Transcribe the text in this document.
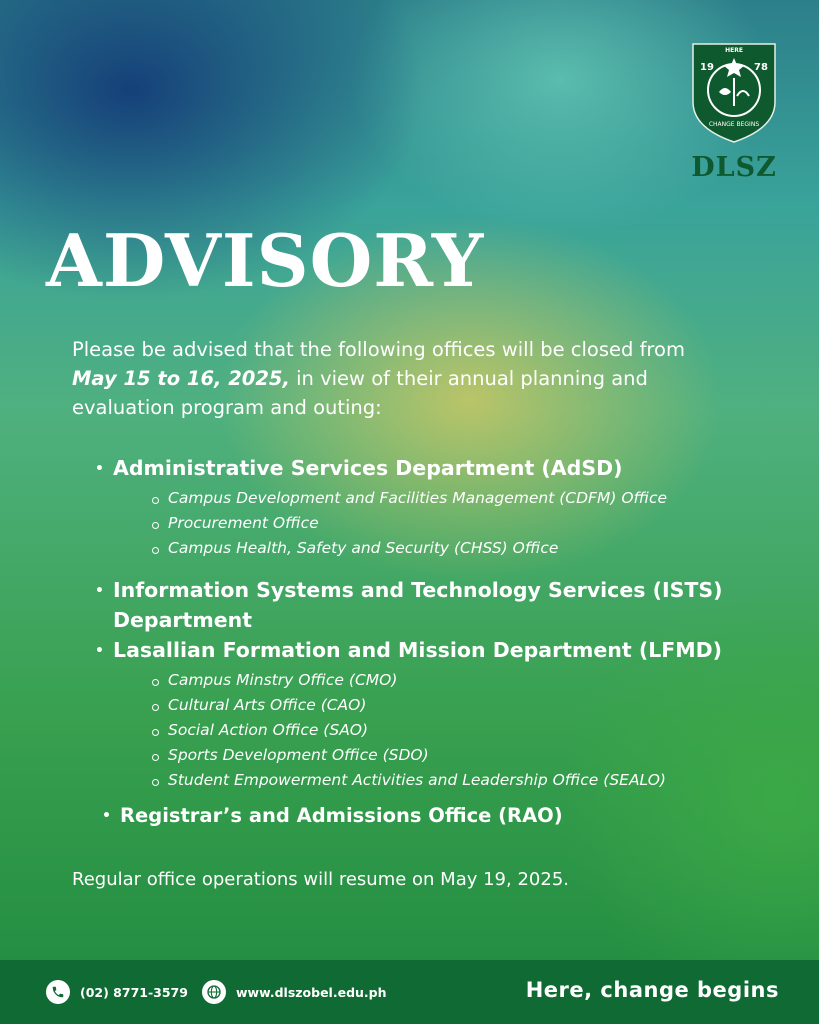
HERE
19	78
CHANGE BEGINS
DLSZ
ADVISORY

Please be advised that the following offices will be closed from
May 15 to 16, 2025, in view of their annual planning and evaluation program and outing:

• Administrative Services Department (AdSD)

Campus Development and Facilities Management (CDFM) Office
Procurement Office
Campus Health, Safety and Security (CHSS) Office

• Information Systems and Technology Services (ISTS)
Department

• Lasallian Formation and Mission Department (LFMD)

Campus Minstry Office (CMO)
Cultural Arts Office (CAO)
Social Action Office (SAO)
Sports Development Office (SDO)
Student Empowerment Activities and Leadership Office (SEALO)

• Registrar’s and Admissions Office (RAO)

Regular office operations will resume on May 19, 2025.

(02) 8771-3579	www.dlszobel.edu.ph	Here, change begins
